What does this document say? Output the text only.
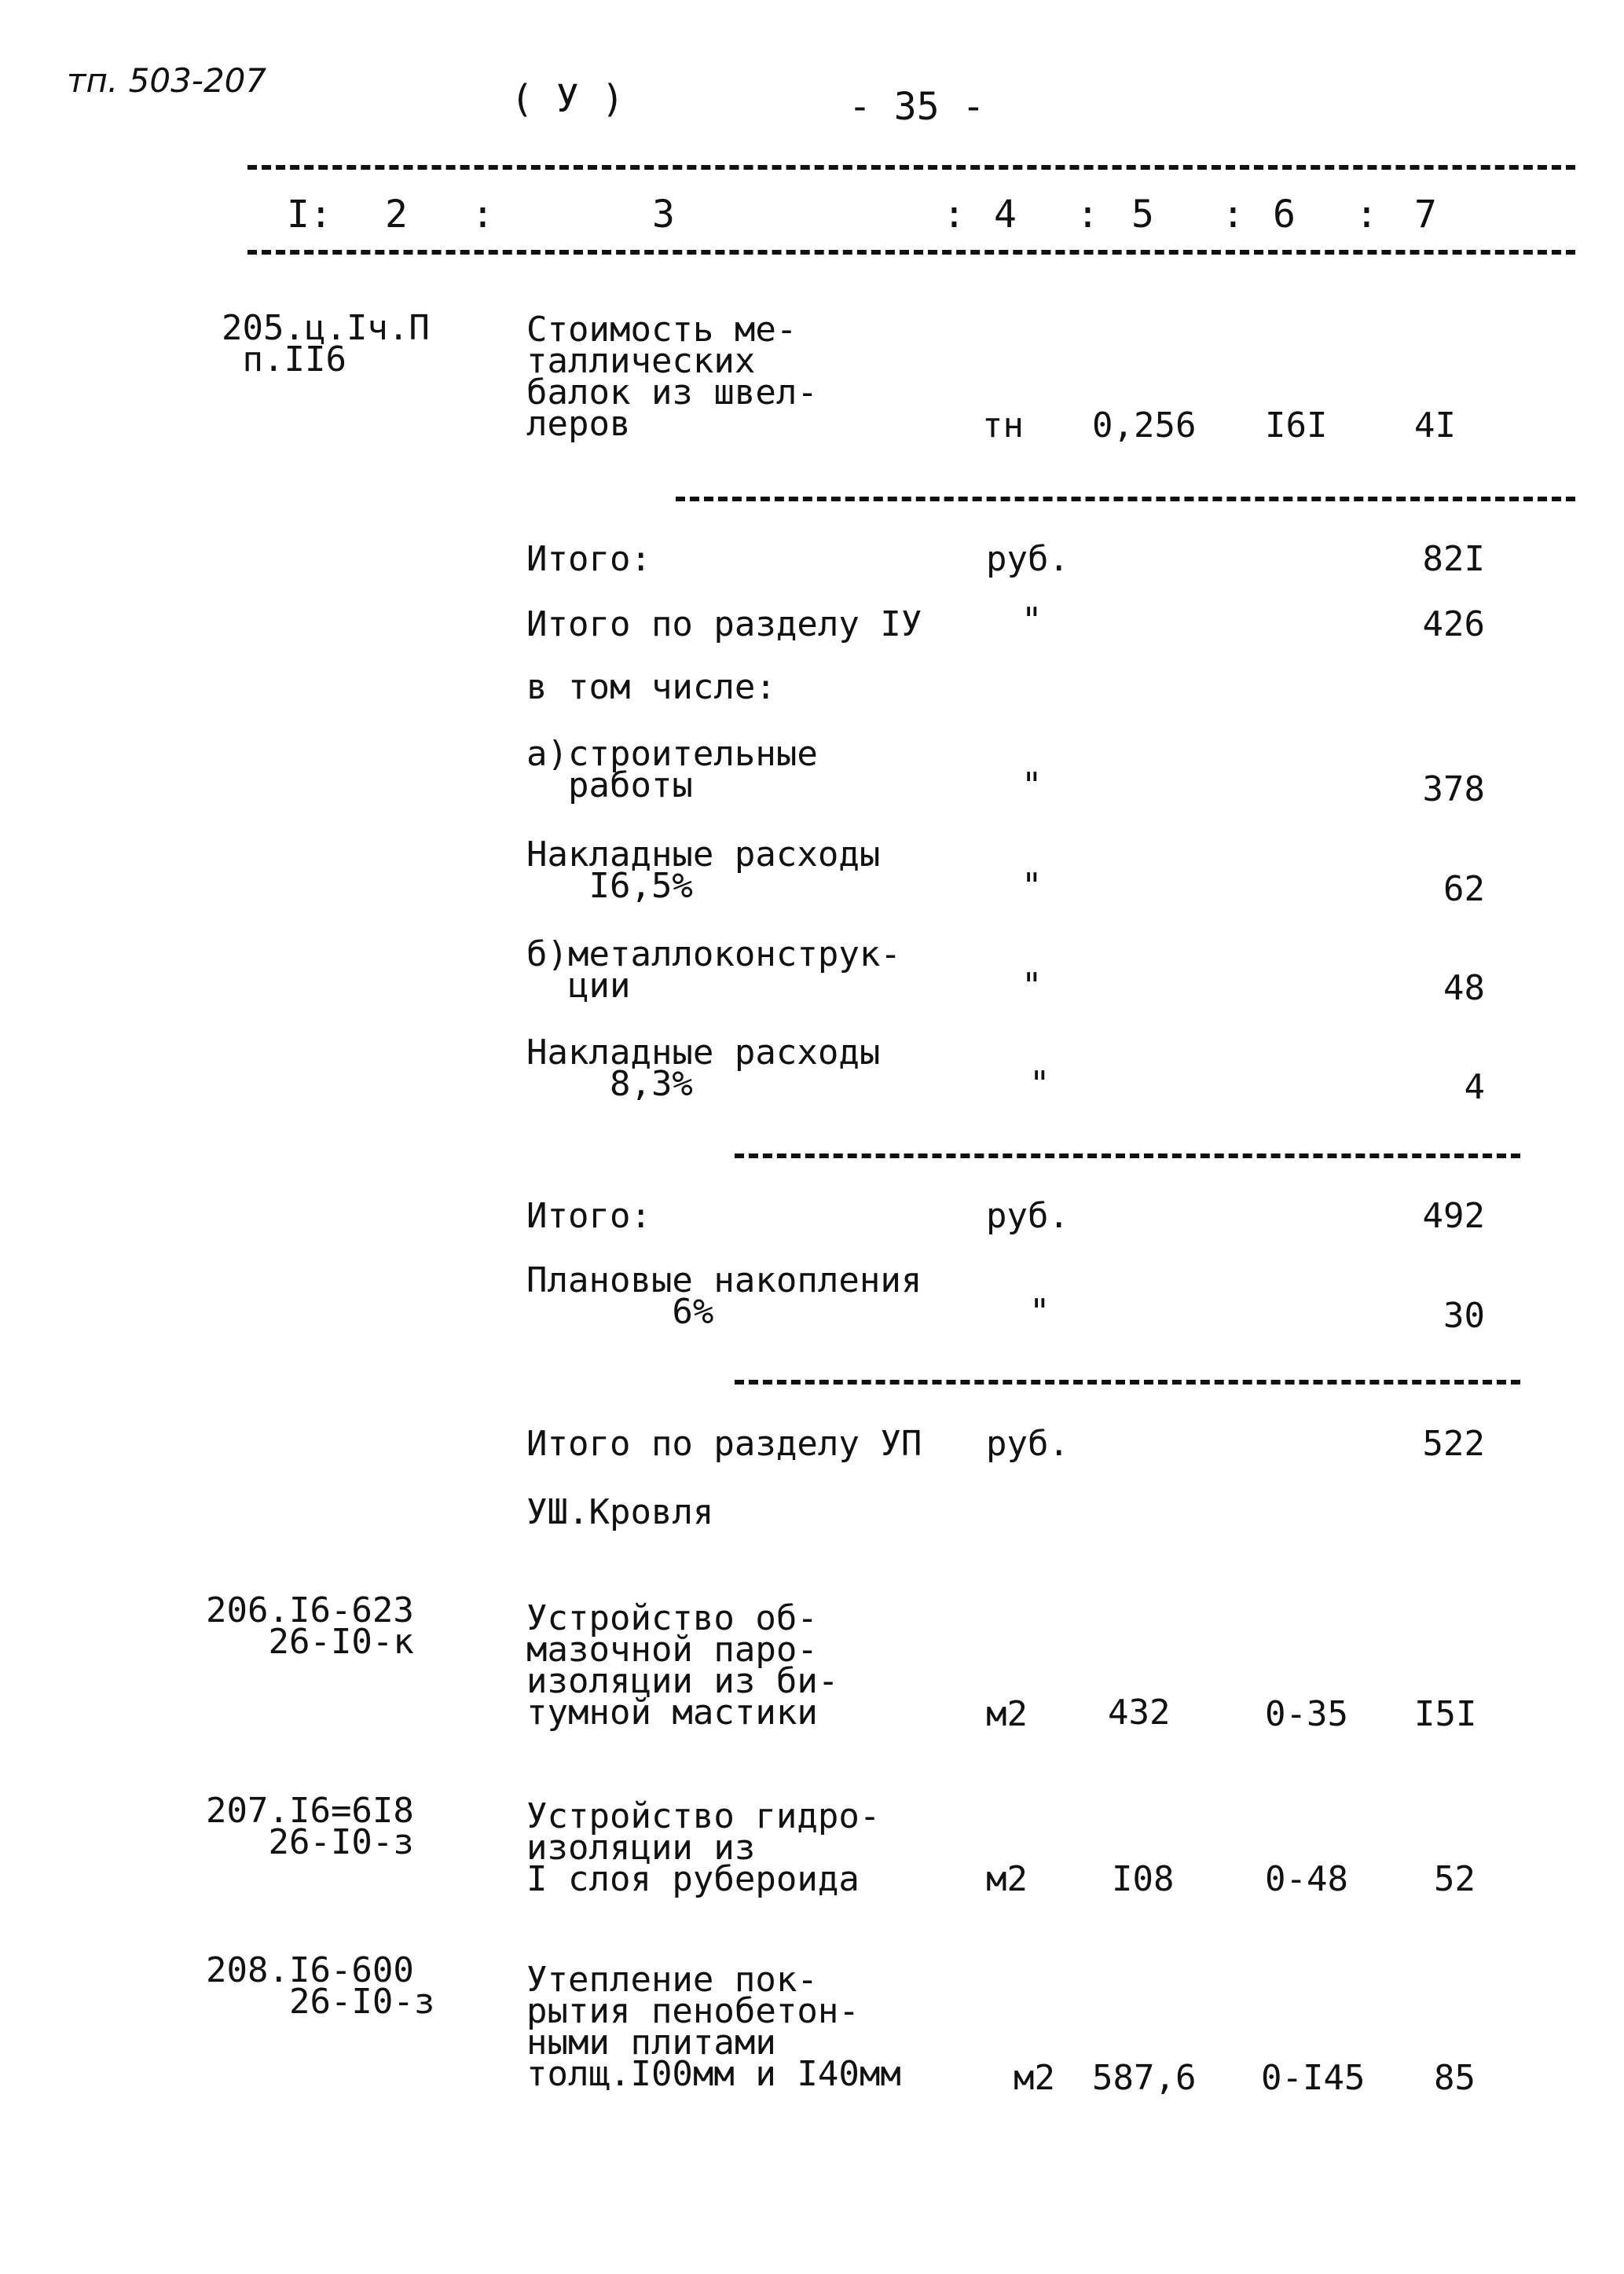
тп. 503-207	( У )	- 35 -
I: 2 :	3	: 4 : 5 : 6 : 7
205.ц.Iч.П
п.II6
Стоимость ме-
таллических
балок из швел-
леров	тн 0,256 I6I	4I
Итого:	руб.	82I
Итого по разделу IУ	"	426
в том числе:
а)строительные
работы	"	378
Накладные расходы
I6,5%	"	62
б)металлоконструк-
ции	"	48
Накладные расходы
8,3%	"	4
Итого:	руб.	492
Плановые накопления
6%	"	30
Итого по разделу УП руб.	522
УШ.Кровля
206.I6-623
26-I0-к
Устройство об-
мазочной паро-
изоляции из би-
тумной мастики	м2 432	0-35 I5I
207.I6=6I8
26-I0-з
Устройство гидро-
изоляции из
I слоя рубероида	м2 I08	0-48 52
208.I6-600
26-I0-з
Утепление пок-
рытия пенобетон-
ными плитами
толщ.I00мм и I40мм	м2 587,6 0-I45 85
